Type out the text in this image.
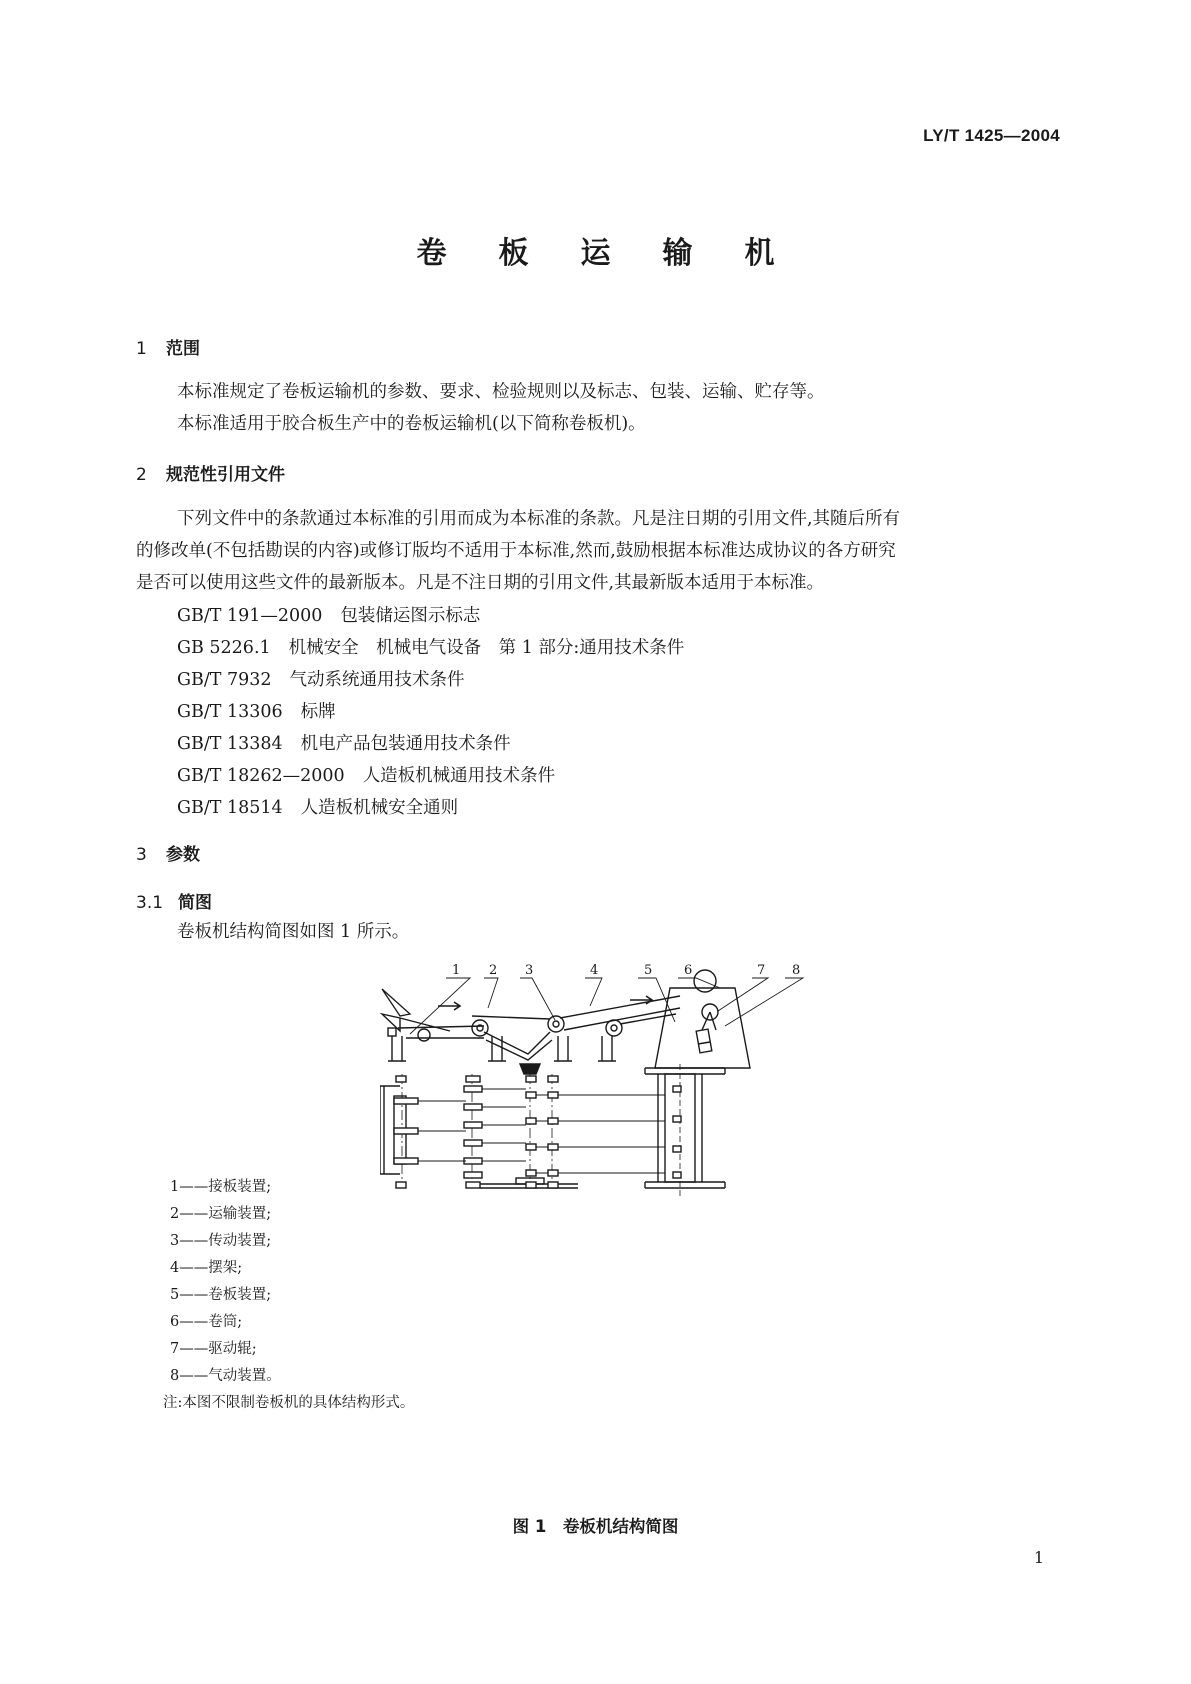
LY/T 1425—2004
卷 板 运 输 机
1 范围
本标准规定了卷板运输机的参数、要求、检验规则以及标志、包装、运输、贮存等。
本标准适用于胶合板生产中的卷板运输机(以下简称卷板机)。
2 规范性引用文件
下列文件中的条款通过本标准的引用而成为本标准的条款。凡是注日期的引用文件,其随后所有
的修改单(不包括勘误的内容)或修订版均不适用于本标准,然而,鼓励根据本标准达成协议的各方研究
是否可以使用这些文件的最新版本。凡是不注日期的引用文件,其最新版本适用于本标准。
GB/T 191—2000 包装储运图示标志
GB 5226.1 机械安全　机械电气设备　第 1 部分:通用技术条件
GB/T 7932 气动系统通用技术条件
GB/T 13306 标牌
GB/T 13384 机电产品包装通用技术条件
GB/T 18262—2000 人造板机械通用技术条件
GB/T 18514 人造板机械安全通则
3 参数
3.1 简图
卷板机结构简图如图 1 所示。
1 2 3	4	5 6	7 8
1——接板装置;
2——运输装置;
3——传动装置;
4——摆架;
5——卷板装置;
6——卷筒;
7——驱动辊;
8——气动装置。
注:本图不限制卷板机的具体结构形式。
图 1　卷板机结构简图
1
